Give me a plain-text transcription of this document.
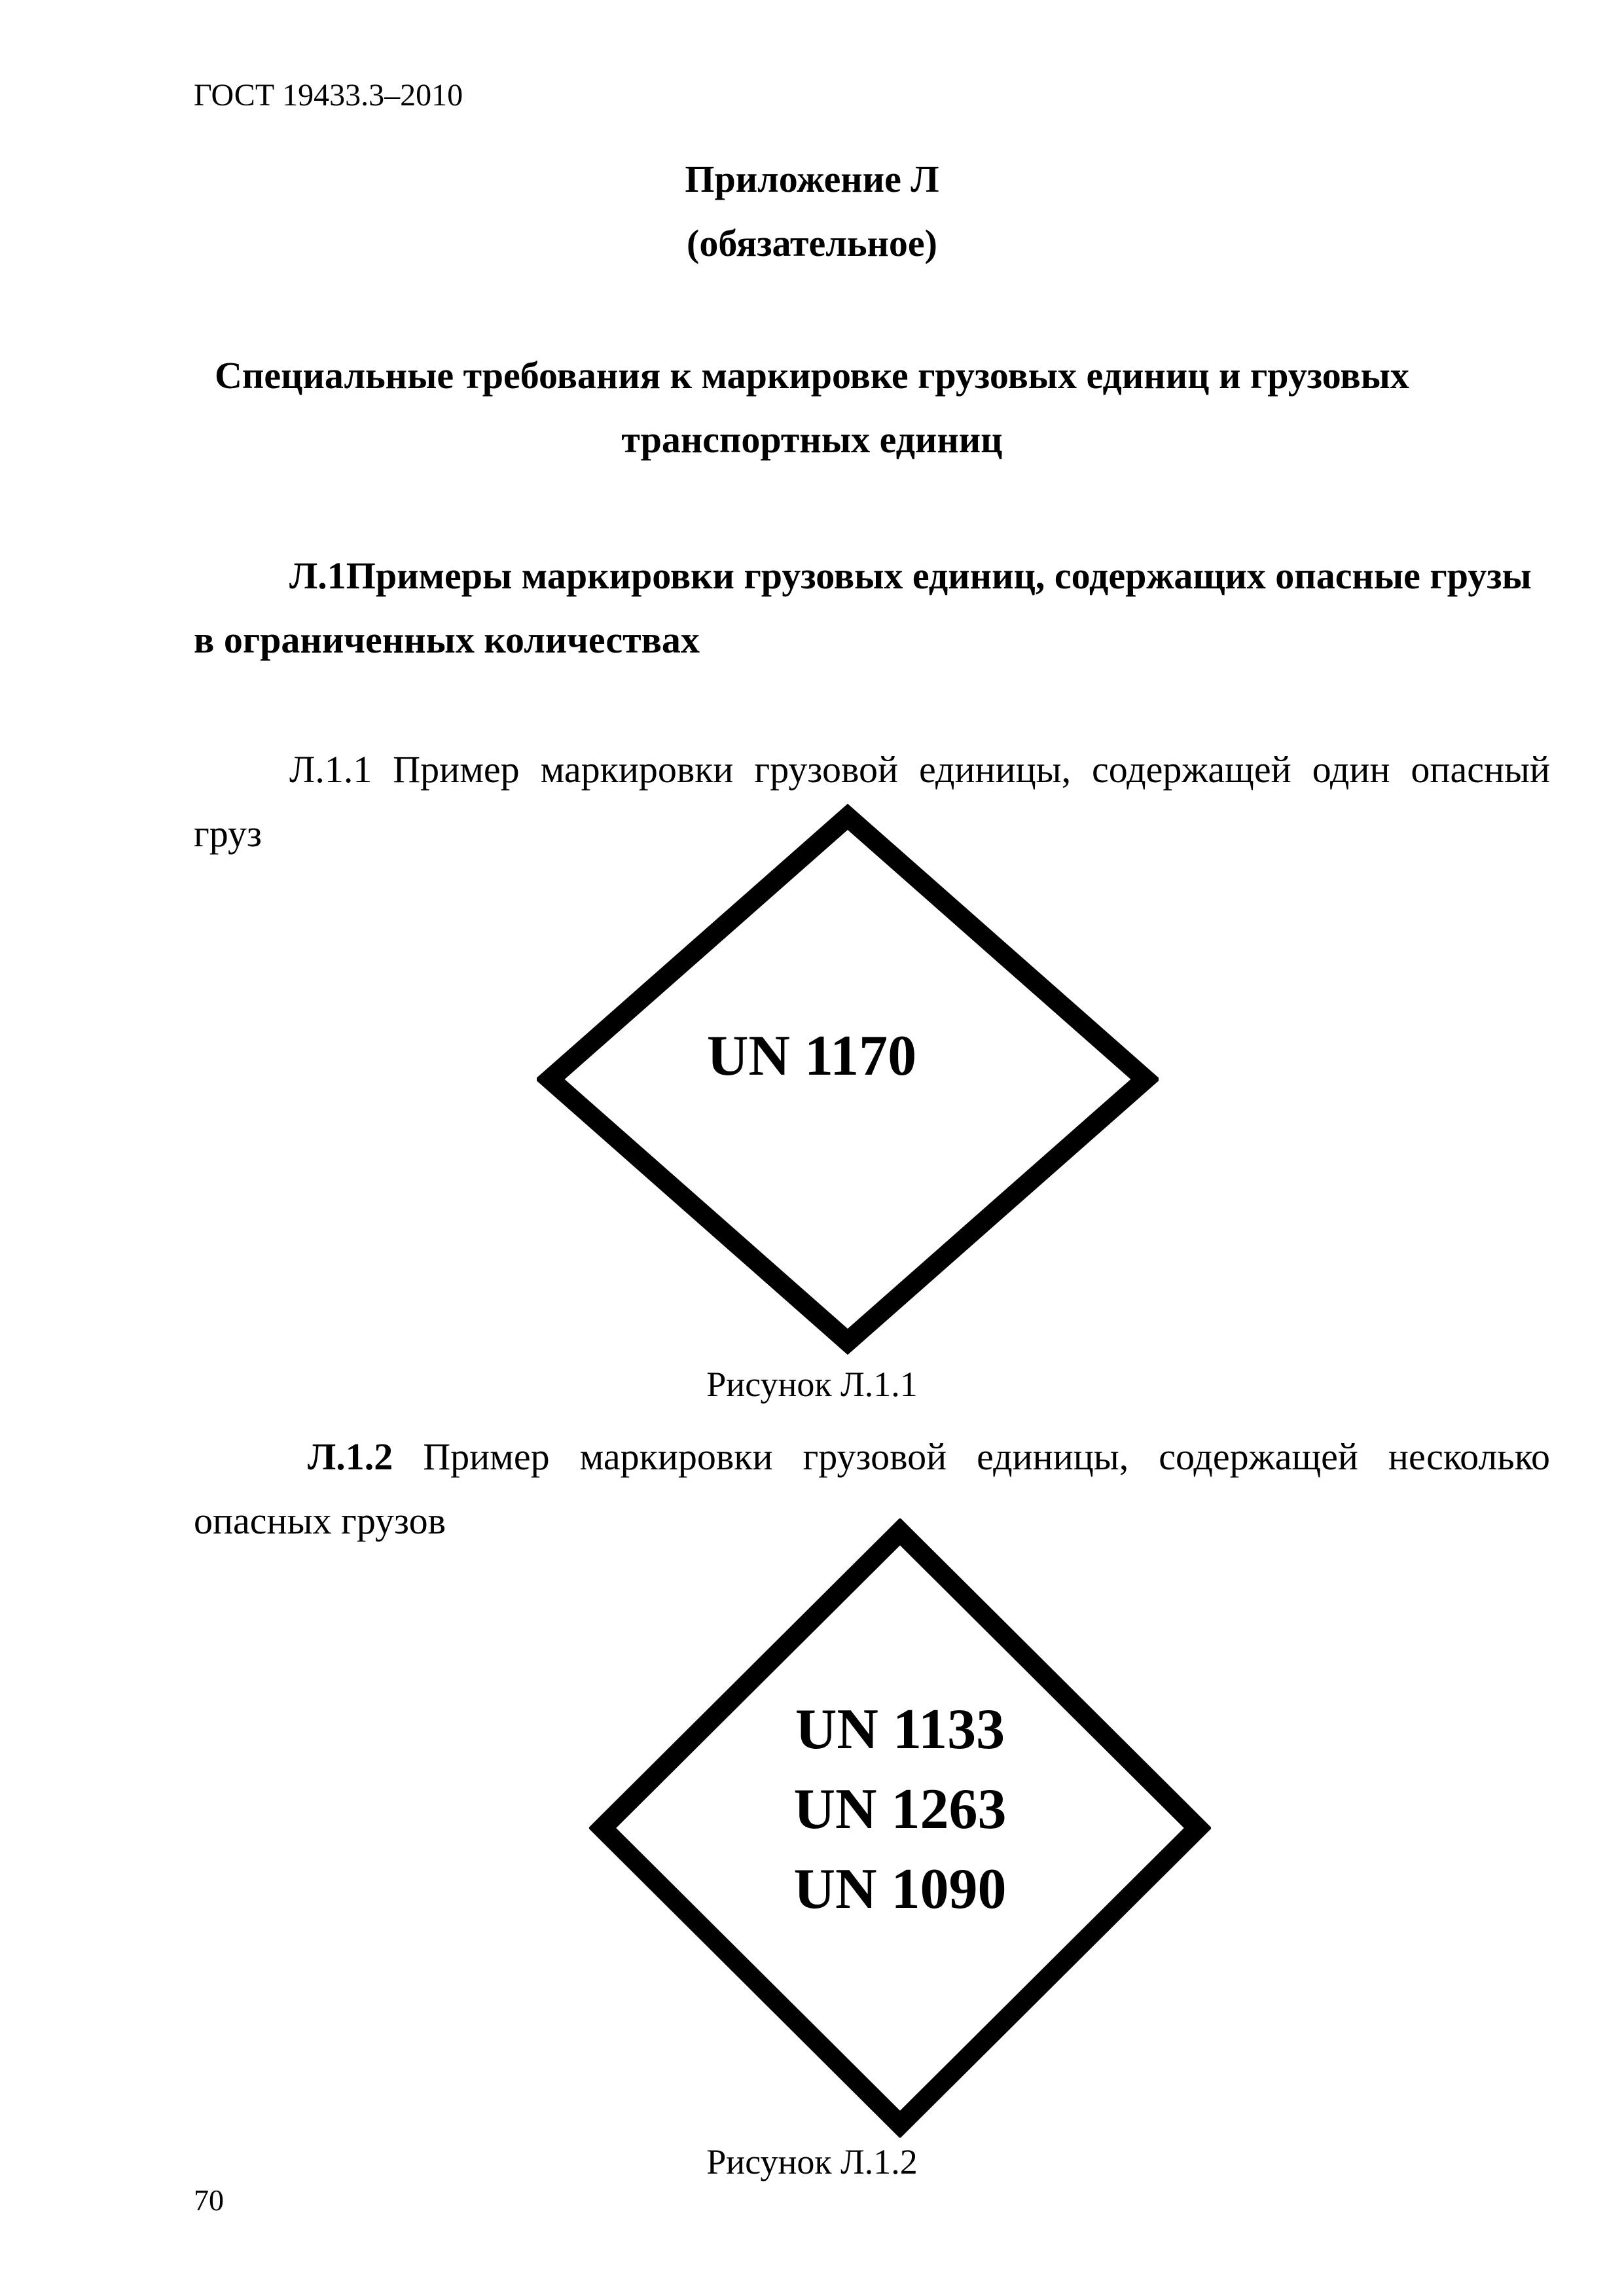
ГОСТ 19433.3–2010
Приложение Л
(обязательное)
Специальные требования к маркировке грузовых единиц и грузовых
транспортных единиц
Л.1Примеры маркировки грузовых единиц, содержащих опасные грузы
в ограниченных количествах
Л.1.1 Пример маркировки грузовой единицы, содержащей один опасный
груз
UN 1170
Рисунок Л.1.1
Л.1.2 Пример маркировки грузовой единицы, содержащей несколько
опасных грузов
UN 1133
UN 1263
UN 1090
Рисунок Л.1.2
70
